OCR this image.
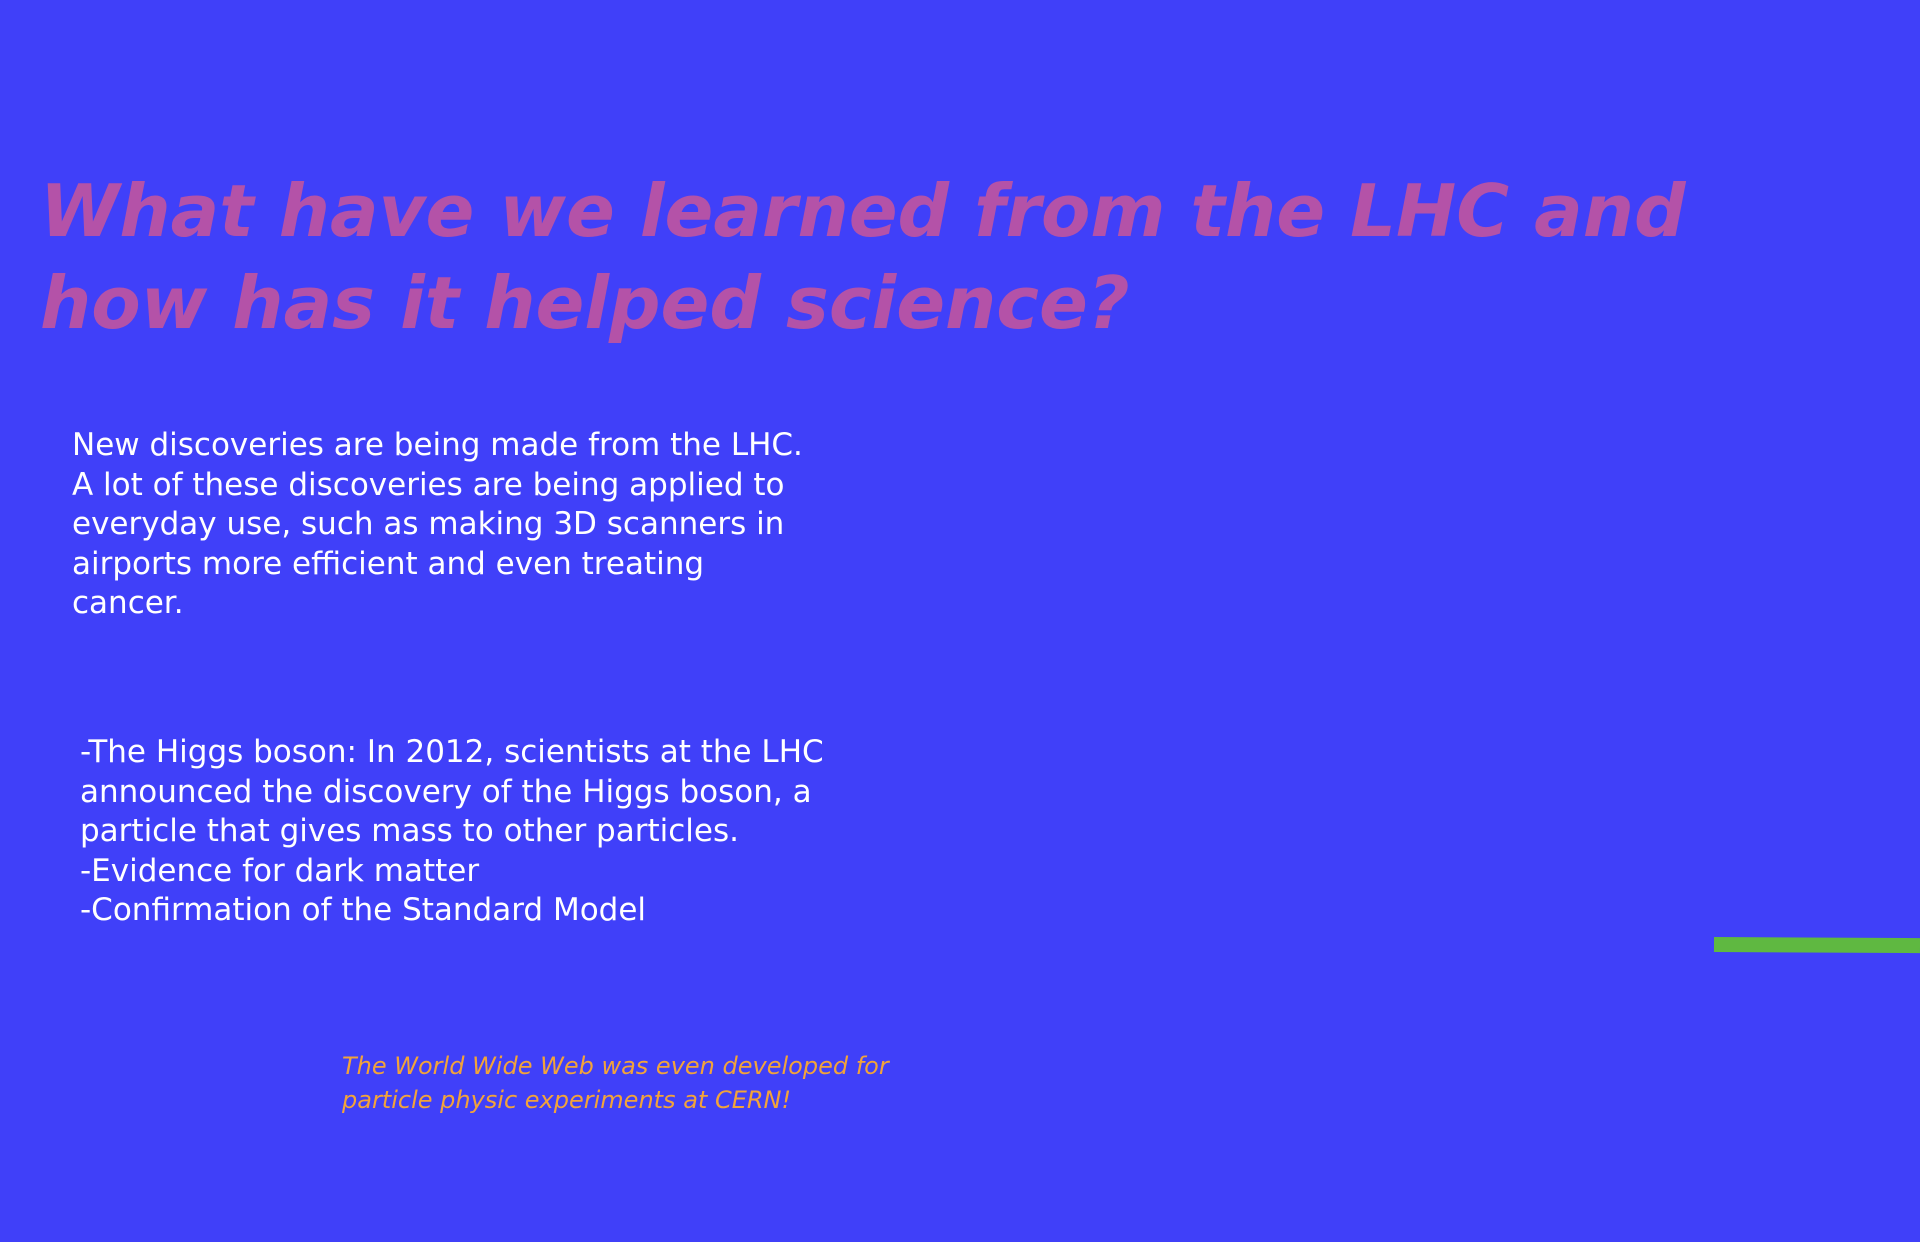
What have we learned from the LHC and
how has it helped science?

New discoveries are being made from the LHC.
A lot of these discoveries are being applied to
everyday use, such as making 3D scanners in
airports more efficient and even treating
cancer.

-The Higgs boson: In 2012, scientists at the LHC
announced the discovery of the Higgs boson, a
particle that gives mass to other particles.
-Evidence for dark matter
-Confirmation of the Standard Model

The World Wide Web was even developed for
particle physic experiments at CERN!
